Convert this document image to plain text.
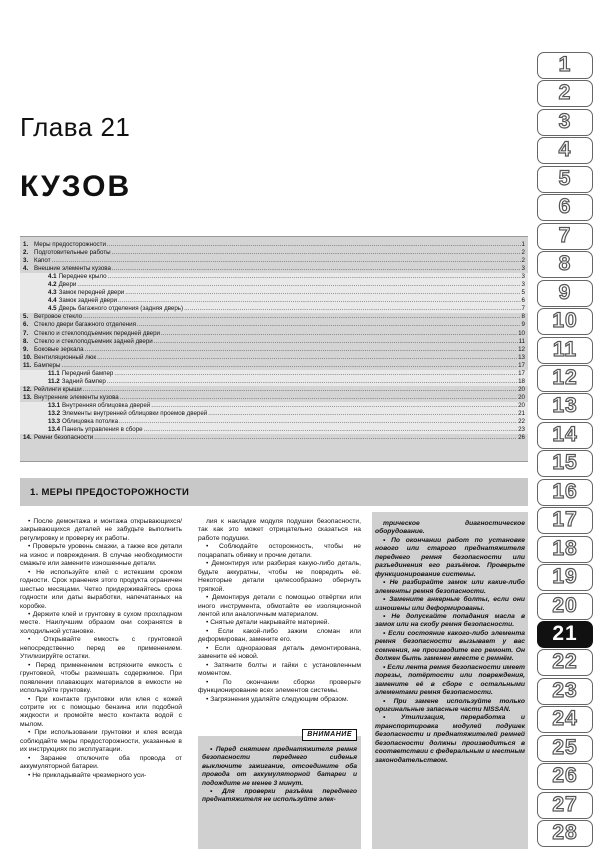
Глава 21
КУЗОВ
1. Меры предосторожности .....	1
2. Подготовительные работы .....	2
3. Капот .....	2
4. Внешние элементы кузова .....	3
4.1 Переднее крыло .....	3
4.2 Двери .....	3
4.3 Замок передней двери .....	5
4.4 Замок задней двери .....	6
4.5 Дверь багажного отделения (задняя дверь) .....	7
5. Ветровое стекло .....	8
6. Стекло двери багажного отделения .....	9
7. Стекло и стеклоподъемник передней двери .....	10
8. Стекло и стеклоподъемник задней двери .....	11
9. Боковые зеркала .....	12
10. Вентиляционный люк .....	13
11. Бамперы .....	17
11.1 Передний бампер .....	17
11.2 Задний бампер .....	18
12. Рейлинги крыши .....	20
13. Внутренние элементы кузова .....	20
13.1 Внутренняя облицовка дверей .....	20
13.2 Элементы внутренней облицовки проемов дверей .....	21
13.3 Облицовка потолка .....	22
13.4 Панель управления в сборе .....	23
14. Ремни безопасности .....	26
1. МЕРЫ ПРЕДОСТОРОЖНОСТИ

• После демонтажа и монтажа открывающихся/закрывающихся деталей не забудьте выполнить регулировку и проверку их работы.

• Проверьте уровень смазки, а также все детали на износ и повреждения. В случае необходимости смажьте или замените изношенные детали.

• Не используйте клей с истекшим сроком годности. Срок хранения этого продукта ограничен шестью месяцами. Четко придерживайтесь срока годности или даты выработки, напечатанных на коробке.

• Держите клей и грунтовку в сухом прохладном месте. Наилучшим образом они сохранятся в холодильной установке.

• Открывайте емкость с грунтовкой непосредственно перед ее применением. Утилизируйте остатки.

• Перед применением встряхните емкость с грунтовкой, чтобы размешать содержимое. При появлении плавающих материалов в емкости не используйте грунтовку.

• При контакте грунтовки или клея с кожей сотрите их с помощью бензина или подобной жидкости и промойте место контакта водой с мылом.

• При использовании грунтовки и клея всегда соблюдайте меры предосторожности, указанные в их инструкциях по эксплуатации.

• Заранее отключите оба провода от аккумуляторной батареи.

• Не прикладывайте чрезмерного уси-

лия к накладке модуля подушки безопасности, так как это может отрицательно сказаться на работе подушки.

• Соблюдайте осторожность, чтобы не поцарапать обивку и прочие детали.

• Демонтируя или разбирая какую-либо деталь, будьте аккуратны, чтобы не повредить её. Некоторые детали целесообразно обернуть тряпкой.

• Демонтируя детали с помощью отвёртки или иного инструмента, обмотайте ее изоляционной лентой или аналогичным материалом.

• Снятые детали накрывайте материей.

• Если какой-либо зажим сломан или деформирован, замените его.

• Если одноразовая деталь демонтирована, замените её новой.

• Затяните болты и гайки с установленным моментом.

• По окончании сборки проверьте функционирование всех элементов системы.

• Загрязнения удаляйте следующим образом.

ВНИМАНИЕ

• Перед снятием преднатяжителя ремня безопасности переднего сиденья выключите зажигание, отсоедините оба провода от аккумуляторной батареи и подождите не менее 3 минут.

• Для проверки разъёма переднего преднатяжителя не используйте элек-

трическое диагностическое оборудование.

• По окончании работ по установке нового или старого преднатяжителя переднего ремня безопасности или разъединения его разъёмов. Проверьте функционирование системы.

• Не разбирайте замок или какие-либо элементы ремня безопасности.

• Замените анкерные болты, если они изношены или деформированы.

• Не допускайте попадания масла в замок или на скобу ремня безопасности.

• Если состояние какого-либо элемента ремня безопасности вызывает у вас сомнения, не производите его ремонт. Он должен быть заменен вместе с ремнём.

• Если лента ремня безопасности имеет порезы, потёртости или повреждения, замените её в сборе с остальными элементами ремня безопасности.

• При замене используйте только оригинальные запасные части NISSAN.

• Утилизация, переработка и транспортировка модулей подушек безопасности и преднатяжителей ремней безопасности должны производиться в соответствии с федеральным и местным законодательством.

1
2
3
4
5
6
7
8
9
10
11
12
13
14
15
16
17
18
19
20
21
22
23
24
25
26
27
28
